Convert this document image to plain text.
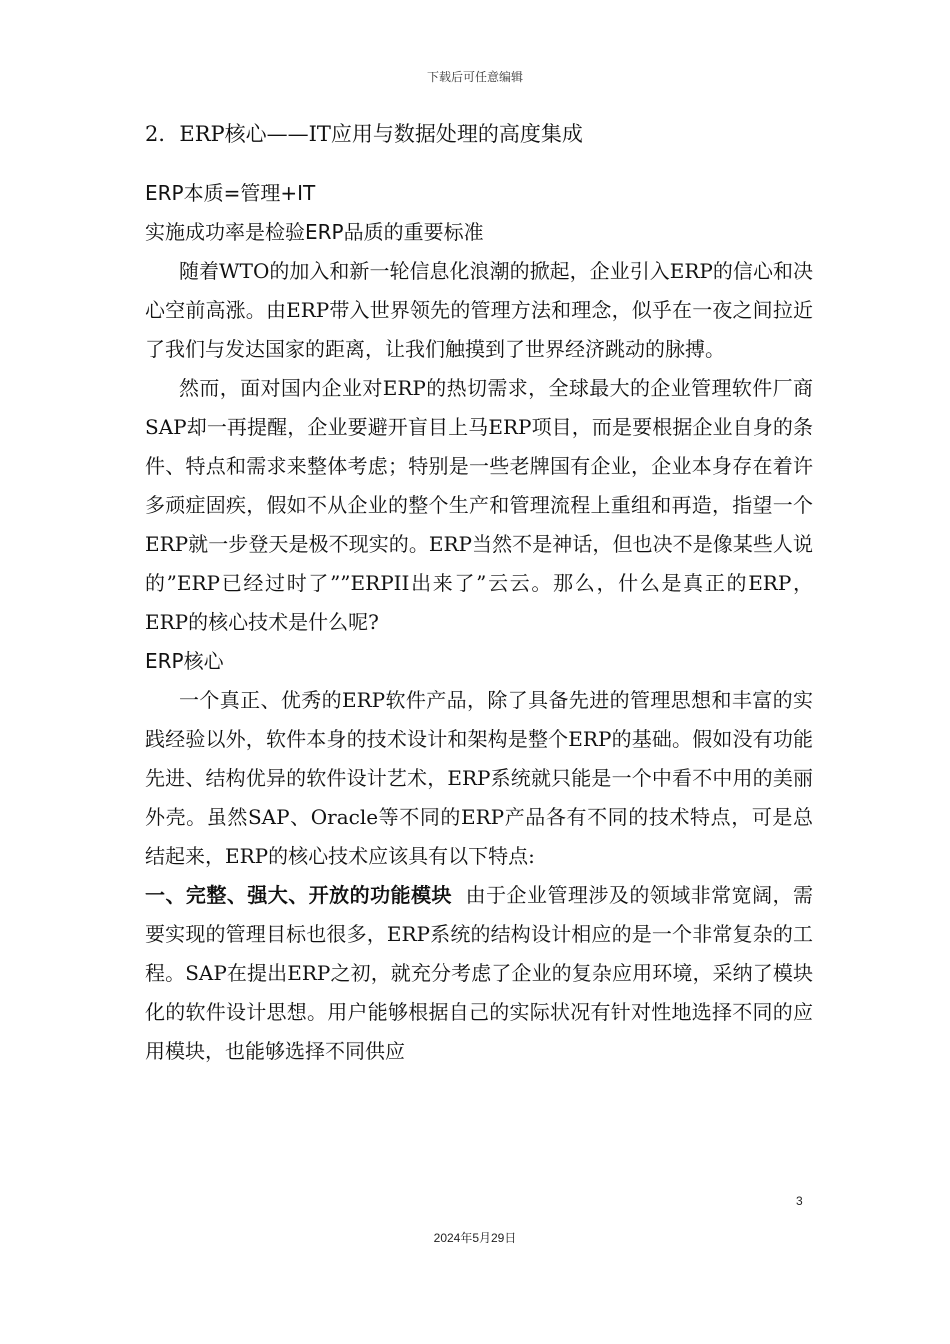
下载后可任意编辑
2．ERP核心——IT应用与数据处理的高度集成

ERP本质=管理+IT

实施成功率是检验ERP品质的重要标准

随着WTO的加入和新一轮信息化浪潮的掀起，企业引入ERP的信心和决心空前高涨。由ERP带入世界领先的管理方法和理念，似乎在一夜之间拉近了我们与发达国家的距离，让我们触摸到了世界经济跳动的脉搏。

然而，面对国内企业对ERP的热切需求，全球最大的企业管理软件厂商SAP却一再提醒，企业要避开盲目上马ERP项目，而是要根据企业自身的条件、特点和需求来整体考虑；特别是一些老牌国有企业，企业本身存在着许多顽症固疾，假如不从企业的整个生产和管理流程上重组和再造，指望一个ERP就一步登天是极不现实的。ERP当然不是神话，但也决不是像某些人说的”ERP已经过时了””ERPII出来了”云云。那么，什么是真正的ERP，ERP的核心技术是什么呢?

ERP核心

一个真正、优秀的ERP软件产品，除了具备先进的管理思想和丰富的实践经验以外，软件本身的技术设计和架构是整个ERP的基础。假如没有功能先进、结构优异的软件设计艺术，ERP系统就只能是一个中看不中用的美丽外壳。虽然SAP、Oracle等不同的ERP产品各有不同的技术特点，可是总结起来，ERP的核心技术应该具有以下特点:

一、完整、强大、开放的功能模块 由于企业管理涉及的领域非常宽阔，需要实现的管理目标也很多，ERP系统的结构设计相应的是一个非常复杂的工程。SAP在提出ERP之初，就充分考虑了企业的复杂应用环境，采纳了模块化的软件设计思想。用户能够根据自己的实际状况有针对性地选择不同的应用模块，也能够选择不同供应

3
2024年5月29日
